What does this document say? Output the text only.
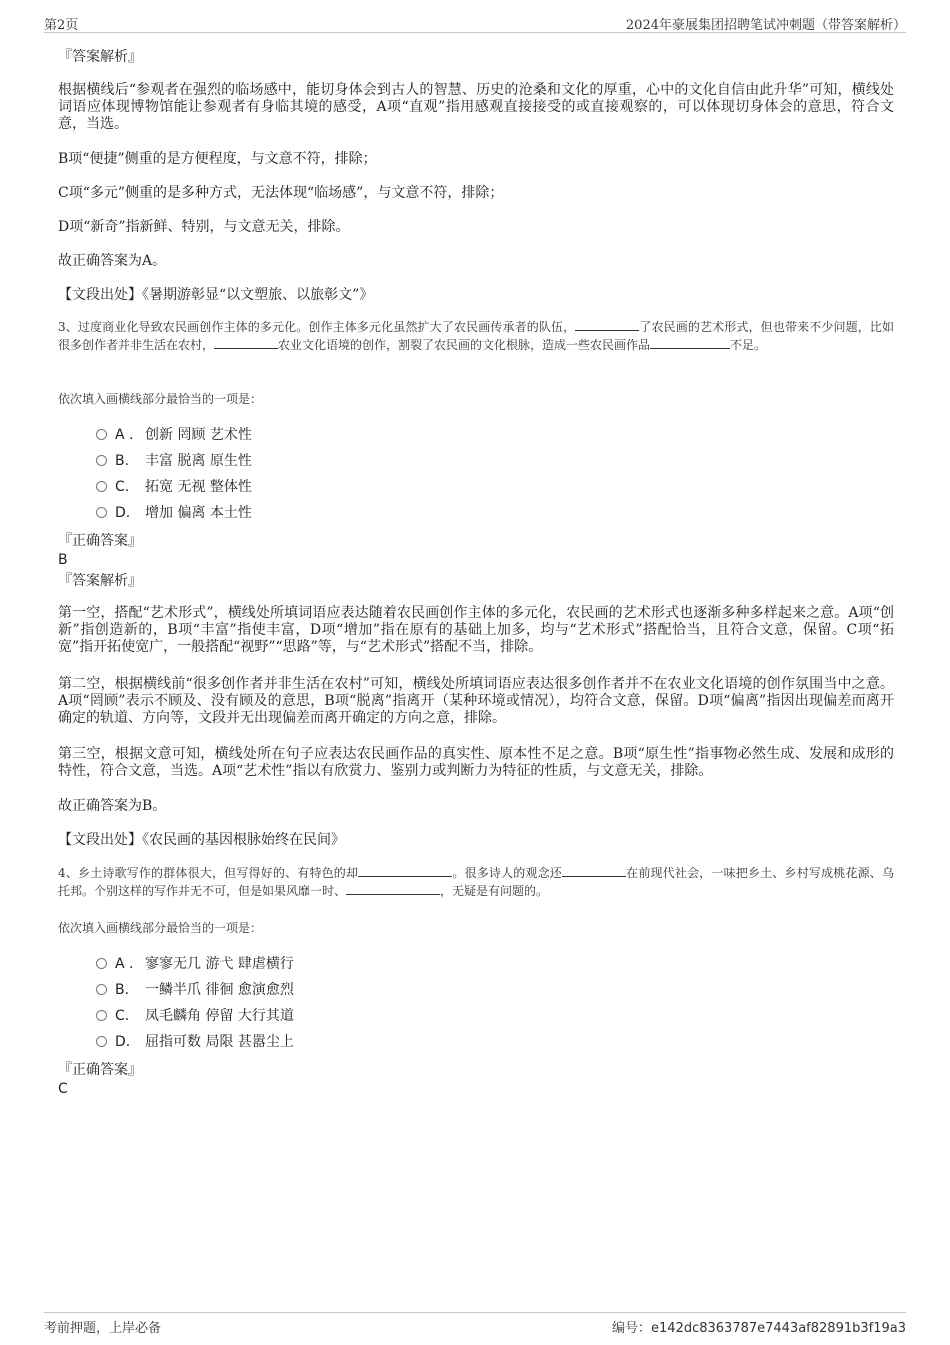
第2页	2024年豪展集团招聘笔试冲刺题（带答案解析）
『答案解析』
根据横线后“参观者在强烈的临场感中，能切身体会到古人的智慧、历史的沧桑和文化的厚重，心中的文化自信由此升华”可知，横线处词语应体现博物馆能让参观者有身临其境的感受，A项“直观”指用感观直接接受的或直接观察的，可以体现切身体会的意思，符合文意，当选。
B项“便捷”侧重的是方便程度，与文意不符，排除；
C项“多元”侧重的是多种方式，无法体现“临场感”，与文意不符，排除；
D项“新奇”指新鲜、特别，与文意无关，排除。
故正确答案为A。
【文段出处】《暑期游彰显“以文塑旅、以旅彰文”》
3、过度商业化导致农民画创作主体的多元化。创作主体多元化虽然扩大了农民画传承者的队伍，	了农民画的艺术形式，但也带来不少问题，比如很多创作者并非生活在农村，	农业文化语境的创作，割裂了农民画的文化根脉，造成一些农民画作品	不足。
依次填入画横线部分最恰当的一项是：
A . 创新 罔顾 艺术性
B. 丰富 脱离 原生性
C. 拓宽 无视 整体性
D. 增加 偏离 本土性
『正确答案』
B
『答案解析』
第一空，搭配“艺术形式”，横线处所填词语应表达随着农民画创作主体的多元化，农民画的艺术形式也逐渐多种多样起来之意。A项“创新”指创造新的，B项“丰富”指使丰富，D项“增加”指在原有的基础上加多，均与“艺术形式”搭配恰当，且符合文意，保留。C项“拓宽”指开拓使宽广，一般搭配“视野”“思路”等，与“艺术形式”搭配不当，排除。
第二空，根据横线前“很多创作者并非生活在农村”可知，横线处所填词语应表达很多创作者并不在农业文化语境的创作氛围当中之意。A项“罔顾”表示不顾及、没有顾及的意思，B项“脱离”指离开（某种环境或情况），均符合文意，保留。D项“偏离”指因出现偏差而离开确定的轨道、方向等，文段并无出现偏差而离开确定的方向之意，排除。
第三空，根据文意可知，横线处所在句子应表达农民画作品的真实性、原本性不足之意。B项“原生性”指事物必然生成、发展和成形的特性，符合文意，当选。A项“艺术性”指以有欣赏力、鉴别力或判断力为特征的性质，与文意无关，排除。
故正确答案为B。
【文段出处】《农民画的基因根脉始终在民间》
4、乡土诗歌写作的群体很大，但写得好的、有特色的却	。很多诗人的观念还	在前现代社会，一味把乡土、乡村写成桃花源、乌托邦。个别这样的写作并无不可，但是如果风靡一时、	，无疑是有问题的。
依次填入画横线部分最恰当的一项是：
A . 寥寥无几 游弋 肆虐横行
B. 一鳞半爪 徘徊 愈演愈烈
C. 凤毛麟角 停留 大行其道
D. 屈指可数 局限 甚嚣尘上
『正确答案』
C
考前押题，上岸必备	编号：e142dc8363787e7443af82891b3f19a3
